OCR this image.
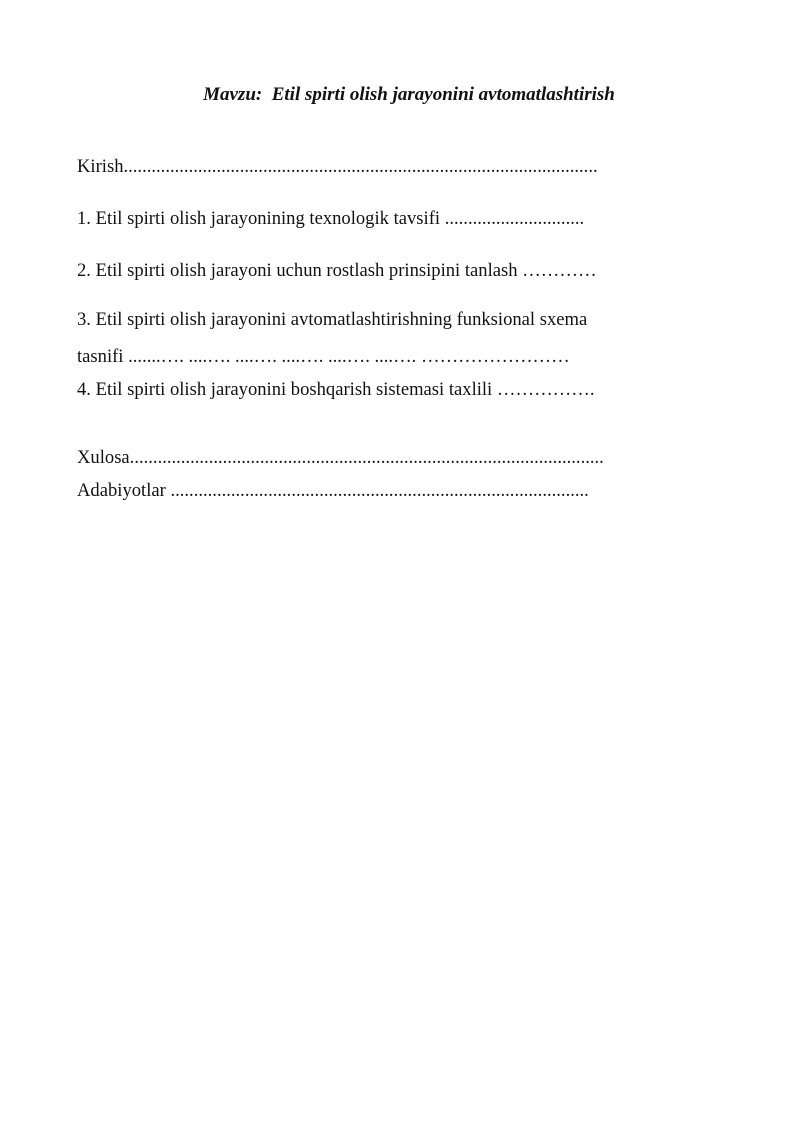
Mavzu:  Etil spirti olish jarayonini avtomatlashtirish
Kirish......................................................................................................
1. Etil spirti olish jarayonining texnologik tavsifi ..............................
2. Etil spirti olish jarayoni uchun rostlash prinsipini tanlash …………
3. Etil spirti olish jarayonini avtomatlashtirishning funksional sxema
tasnifi .......…. ....…. ....…. ....…. ....…. ....…. ……………………
4. Etil spirti olish jarayonini boshqarish sistemasi taxlili …………….
Xulosa......................................................................................................
Adabiyotlar ..........................................................................................
